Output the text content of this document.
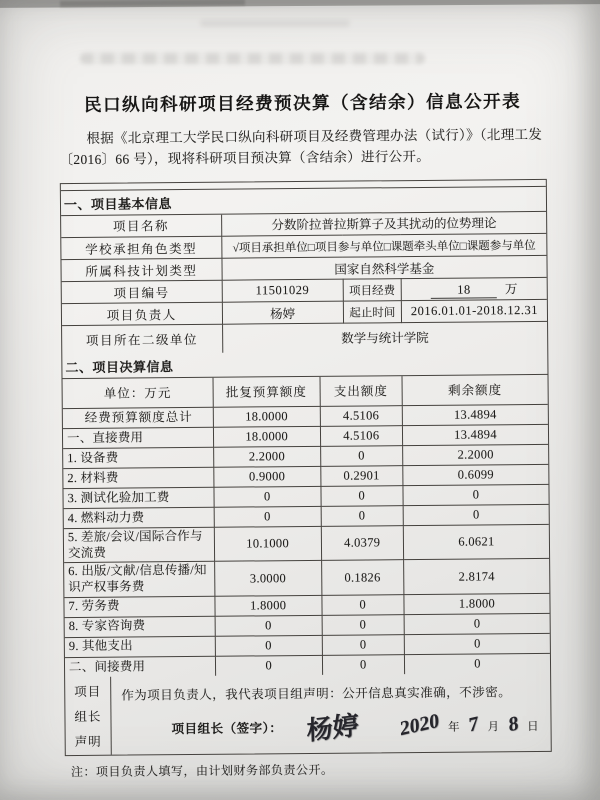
民口纵向科研项目经费预决算（含结余）信息公开表
根据《北京理工大学民口纵向科研项目及经费管理办法（试行）》（北理工发〔2016〕66 号），现将科研项目预决算（含结余）进行公开。
一、项目基本信息
项目名称	分数阶拉普拉斯算子及其扰动的位势理论		
学校承担角色类型	√项目承担单位□项目参与单位□课题牵头单位□课题参与单位		
所属科技计划类型	国家自然科学基金		
项目编号	11501029	项目经费	18 万
项目负责人	杨婷	起止时间	2016.01.01-2018.12.31
项目所在二级单位	数学与统计学院		
二、项目决算信息
单位：万元	批复预算额度	支出额度	剩余额度
经费预算额度总计	18.0000	4.5106	13.4894
一、直接费用	18.0000	4.5106	13.4894
1. 设备费	2.2000	0	2.2000
2. 材料费	0.9000	0.2901	0.6099
3. 测试化验加工费	0	0	0
4. 燃料动力费	0	0	0
5. 差旅/会议/国际合作与交流费	10.1000	4.0379	6.0621
6. 出版/文献/信息传播/知识产权事务费	3.0000	0.1826	2.8174
7. 劳务费	1.8000	0	1.8000
8. 专家咨询费	0	0	0
9. 其他支出	0	0	0
二、间接费用	0	0	0
项目
组长
声明
作为项目负责人，我代表项目组声明：公开信息真实准确，不涉密。
项目组长（签字）： 杨婷 2020 年 7 月 8 日
注：项目负责人填写，由计划财务部负责公开。
